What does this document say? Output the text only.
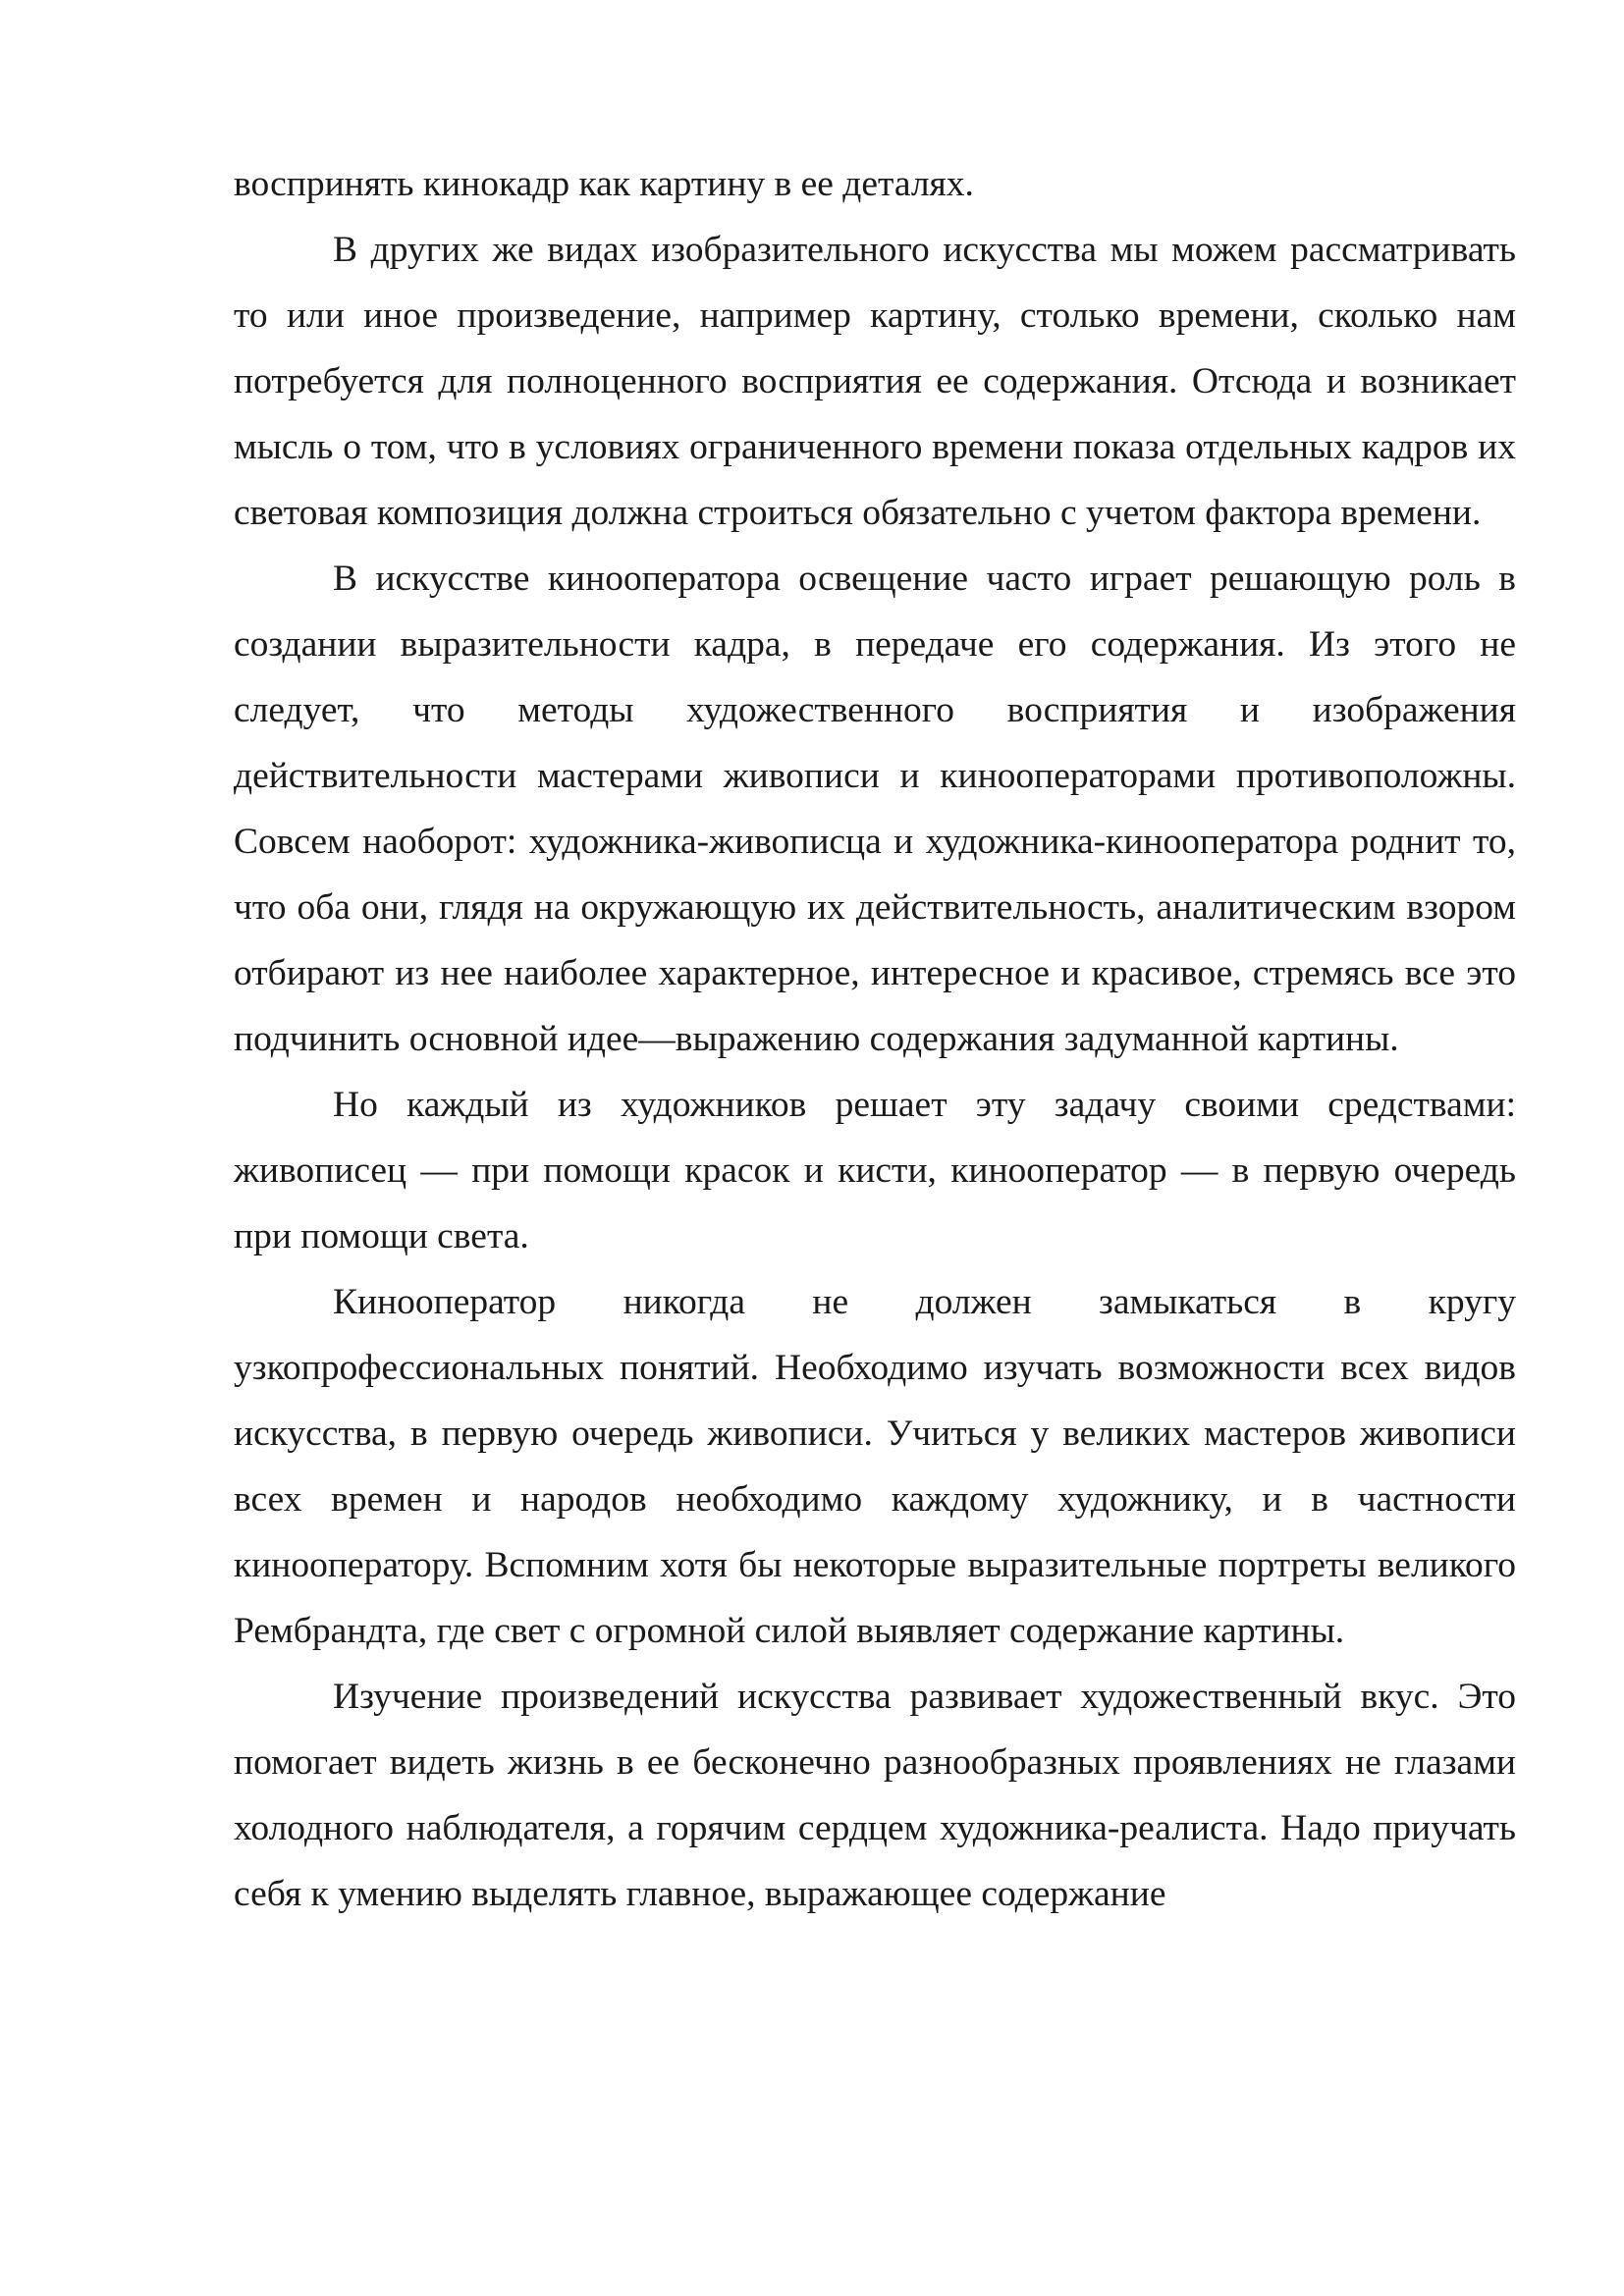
воспринять кинокадр как картину в ее деталях.

В других же видах изобразительного искусства мы можем рассматривать то или иное произведение, например картину, столько времени, сколько нам потребуется для полноценного восприятия ее содержания. Отсюда и возникает мысль о том, что в условиях ограниченного времени показа отдельных кадров их световая композиция должна строиться обязательно с учетом фактора времени.

В искусстве кинооператора освещение часто играет решающую роль в создании выразительности кадра, в передаче его содержания. Из этого не следует, что методы художественного восприятия и изображения действительности мастерами живописи и кинооператорами противоположны. Совсем наоборот: художника-живописца и художника-кинооператора роднит то, что оба они, глядя на окружающую их действительность, аналитическим взором отбирают из нее наиболее характерное, интересное и красивое, стремясь все это подчинить основной идее—выражению содержания задуманной картины.

Но каждый из художников решает эту задачу своими средствами: живописец — при помощи красок и кисти, кинооператор — в первую очередь при помощи света.

Кинооператор никогда не должен замыкаться в кругу узкопрофессиональных понятий. Необходимо изучать возможности всех видов искусства, в первую очередь живописи. Учиться у великих мастеров живописи всех времен и народов необходимо каждому художнику, и в частности кинооператору. Вспомним хотя бы некоторые выразительные портреты великого Рембрандта, где свет с огромной силой выявляет содержание картины.

Изучение произведений искусства развивает художественный вкус. Это помогает видеть жизнь в ее бесконечно разнообразных проявлениях не глазами холодного наблюдателя, а горячим сердцем художника-реалиста. Надо приучать себя к умению выделять главное, выражающее содержание
